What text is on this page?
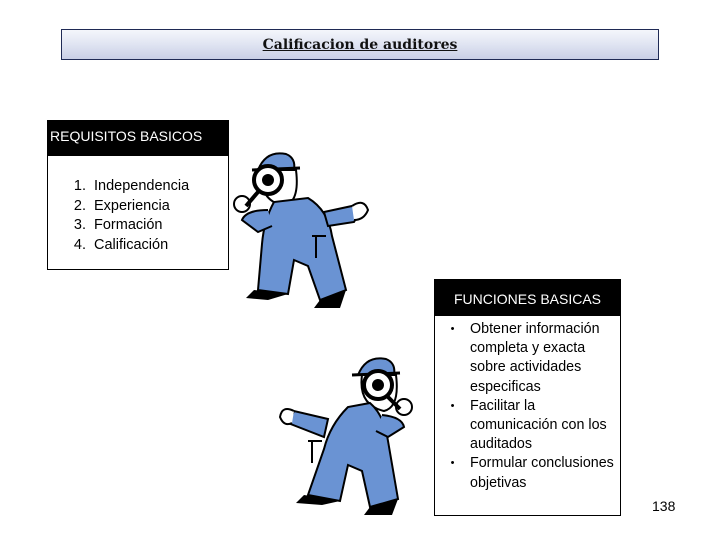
Calificacion de auditores
REQUISITOS BASICOS
1. Independencia
2. Experiencia
3. Formación
4. Calificación
FUNCIONES BASICAS
•	Obtener información completa y exacta sobre actividades especificas
•	Facilitar la comunicación con los auditados
•	Formular conclusiones objetivas
138
